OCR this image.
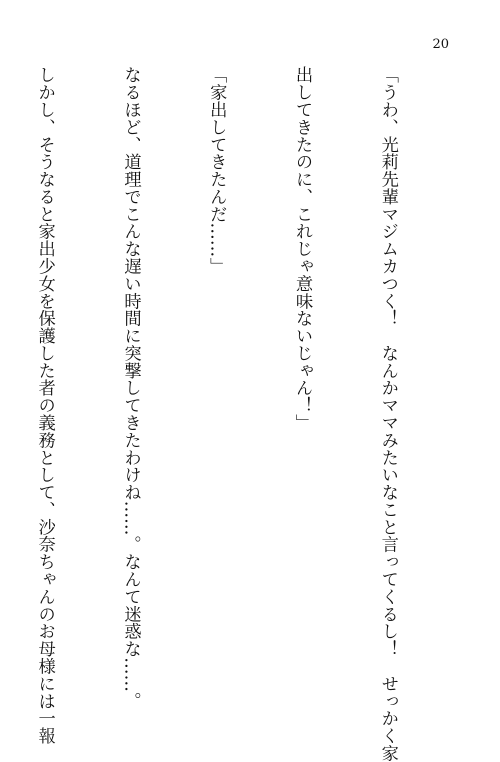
20

「うわ、光莉先輩マジムカつく！　なんかママみたいなこと言ってくるし！　せっかく家

出してきたのに、これじゃ意味ないじゃん！」

「家出してきたんだ……」

なるほど、道理でこんな遅い時間に突撃してきたわけね……。なんて迷惑な……。

しかし、そうなると家出少女を保護した者の義務として、沙奈ちゃんのお母様には一報
